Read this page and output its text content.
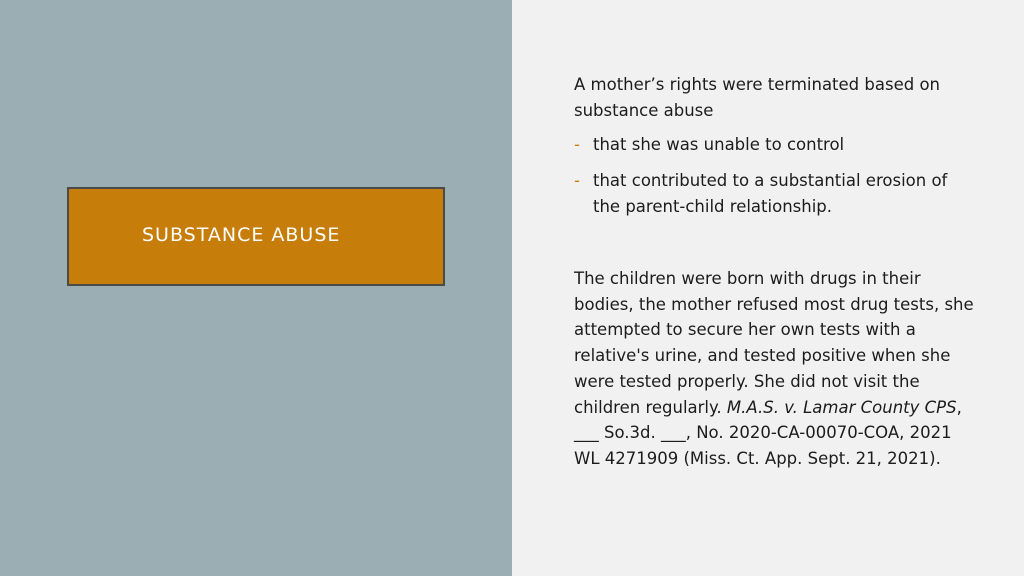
SUBSTANCE ABUSE

A mother’s rights were terminated based on substance abuse

- that she was unable to control
- that contributed to a substantial erosion of the parent-child relationship.

The children were born with drugs in their bodies, the mother refused most drug tests, she attempted to secure her own tests with a relative's urine, and tested positive when she were tested properly. She did not visit the children regularly. M.A.S. v. Lamar County CPS, ___ So.3d. ___, No. 2020-CA-00070-COA, 2021 WL 4271909 (Miss. Ct. App. Sept. 21, 2021).
